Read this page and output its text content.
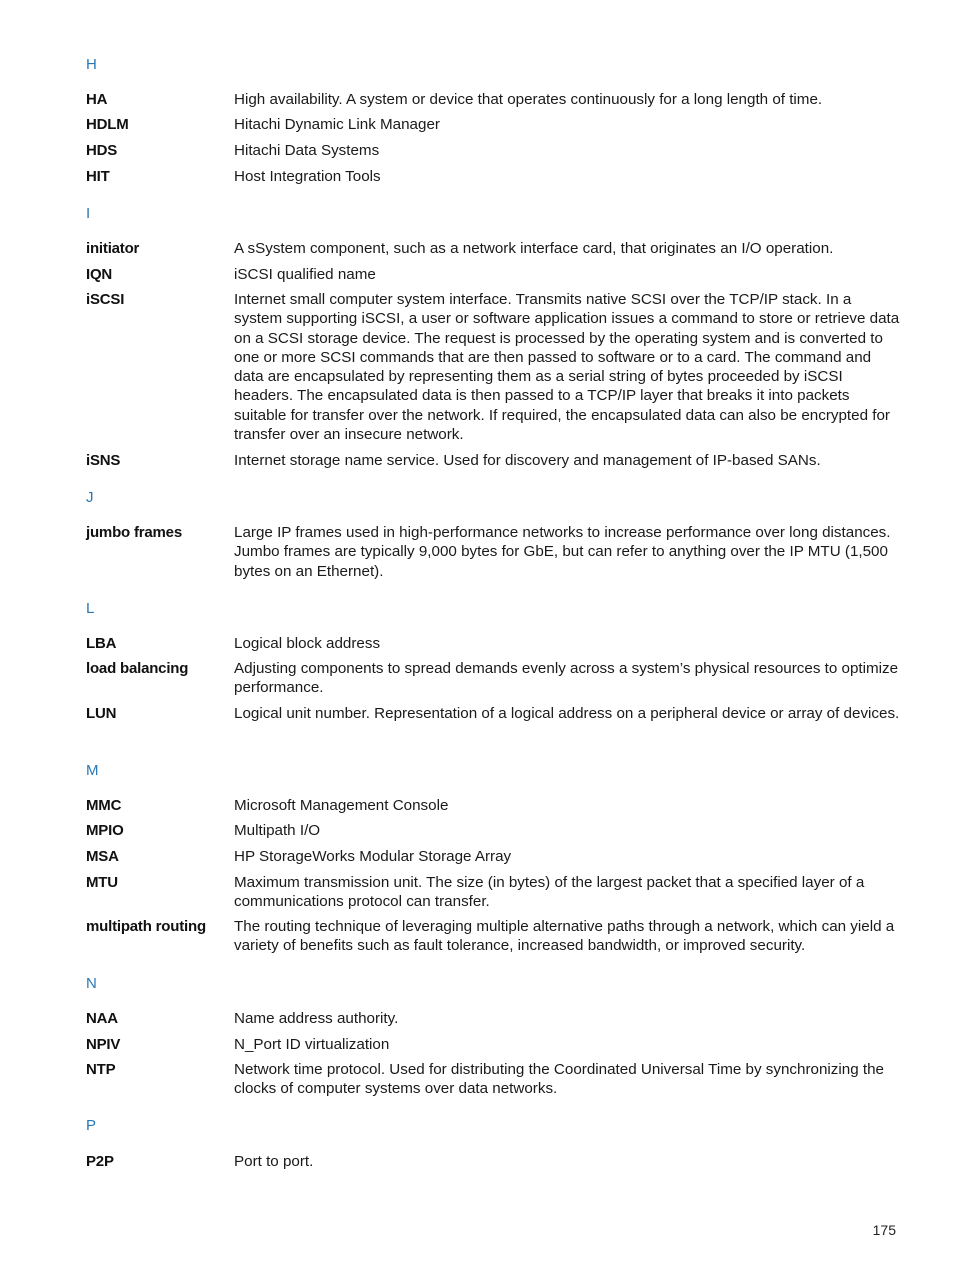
H
HA	High availability. A system or device that operates continuously for a long length of time.
HDLM	Hitachi Dynamic Link Manager
HDS	Hitachi Data Systems
HIT	Host Integration Tools
I
initiator	A sSystem component, such as a network interface card, that originates an I/O operation.
IQN	iSCSI qualified name
iSCSI	Internet small computer system interface. Transmits native SCSI over the TCP/IP stack. In a system supporting iSCSI, a user or software application issues a command to store or retrieve data on a SCSI storage device. The request is processed by the operating system and is converted to one or more SCSI commands that are then passed to software or to a card. The command and data are encapsulated by representing them as a serial string of bytes proceeded by iSCSI headers. The encapsulated data is then passed to a TCP/IP layer that breaks it into packets suitable for transfer over the network. If required, the encapsulated data can also be encrypted for transfer over an insecure network.
iSNS	Internet storage name service. Used for discovery and management of IP-based SANs.
J
jumbo frames	Large IP frames used in high-performance networks to increase performance over long distances. Jumbo frames are typically 9,000 bytes for GbE, but can refer to anything over the IP MTU (1,500 bytes on an Ethernet).
L
LBA	Logical block address
load balancing	Adjusting components to spread demands evenly across a system’s physical resources to optimize performance.
LUN	Logical unit number. Representation of a logical address on a peripheral device or array of devices.
M
MMC	Microsoft Management Console
MPIO	Multipath I/O
MSA	HP StorageWorks Modular Storage Array
MTU	Maximum transmission unit. The size (in bytes) of the largest packet that a specified layer of a communications protocol can transfer.
multipath routing	The routing technique of leveraging multiple alternative paths through a network, which can yield a variety of benefits such as fault tolerance, increased bandwidth, or improved security.
N
NAA	Name address authority.
NPIV	N_Port ID virtualization
NTP	Network time protocol. Used for distributing the Coordinated Universal Time by synchronizing the clocks of computer systems over data networks.
P
P2P	Port to port.
175
